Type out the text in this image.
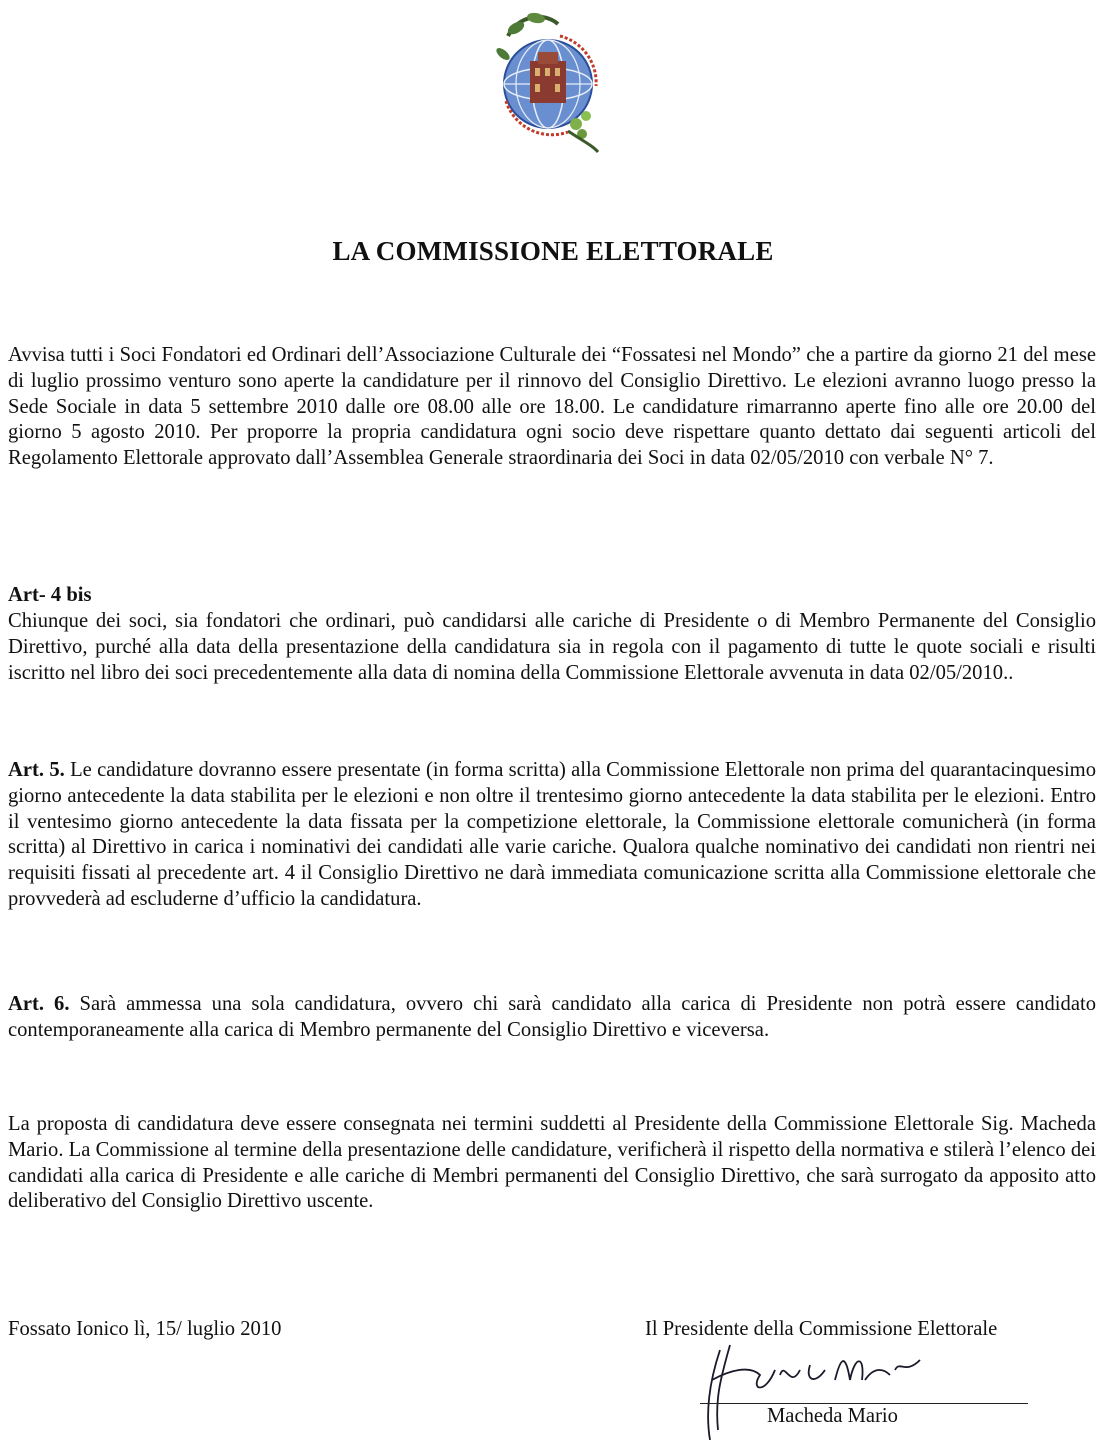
LA COMMISSIONE ELETTORALE
Avvisa tutti i Soci Fondatori ed Ordinari dell’Associazione Culturale dei “Fossatesi nel Mondo” che a partire da giorno 21 del mese di luglio prossimo venturo sono aperte la candidature per il rinnovo del Consiglio Direttivo. Le elezioni avranno luogo presso la Sede Sociale in data 5 settembre 2010 dalle ore 08.00 alle ore 18.00. Le candidature rimarranno aperte fino alle ore 20.00 del giorno 5 agosto 2010. Per proporre la propria candidatura ogni socio deve rispettare quanto dettato dai seguenti articoli del Regolamento Elettorale approvato dall’Assemblea Generale straordinaria dei Soci in data 02/05/2010 con verbale N° 7.
Art- 4 bis
Chiunque dei soci, sia fondatori che ordinari, può candidarsi alle cariche di Presidente o di Membro Permanente del Consiglio Direttivo, purché alla data della presentazione della candidatura sia in regola con il pagamento di tutte le quote sociali e risulti iscritto nel libro dei soci precedentemente alla data di nomina della Commissione Elettorale avvenuta in data 02/05/2010..
Art. 5. Le candidature dovranno essere presentate (in forma scritta) alla Commissione Elettorale non prima del quarantacinquesimo giorno antecedente la data stabilita per le elezioni e non oltre il trentesimo giorno antecedente la data stabilita per le elezioni. Entro il ventesimo giorno antecedente la data fissata per la competizione elettorale, la Commissione elettorale comunicherà (in forma scritta) al Direttivo in carica i nominativi dei candidati alle varie cariche. Qualora qualche nominativo dei candidati non rientri nei requisiti fissati al precedente art. 4 il Consiglio Direttivo ne darà immediata comunicazione scritta alla Commissione elettorale che provvederà ad escluderne d’ufficio la candidatura.
Art. 6. Sarà ammessa una sola candidatura, ovvero chi sarà candidato alla carica di Presidente non potrà essere candidato contemporaneamente alla carica di Membro permanente del Consiglio Direttivo e viceversa.
La proposta di candidatura deve essere consegnata nei termini suddetti al Presidente della Commissione Elettorale Sig. Macheda Mario. La Commissione al termine della presentazione delle candidature, verificherà il rispetto della normativa e stilerà l’elenco dei candidati alla carica di Presidente e alle cariche di Membri permanenti del Consiglio Direttivo, che sarà surrogato da apposito atto deliberativo del Consiglio Direttivo uscente.
Fossato Ionico lì, 15/ luglio 2010	Il Presidente della Commissione Elettorale
Macheda Mario
